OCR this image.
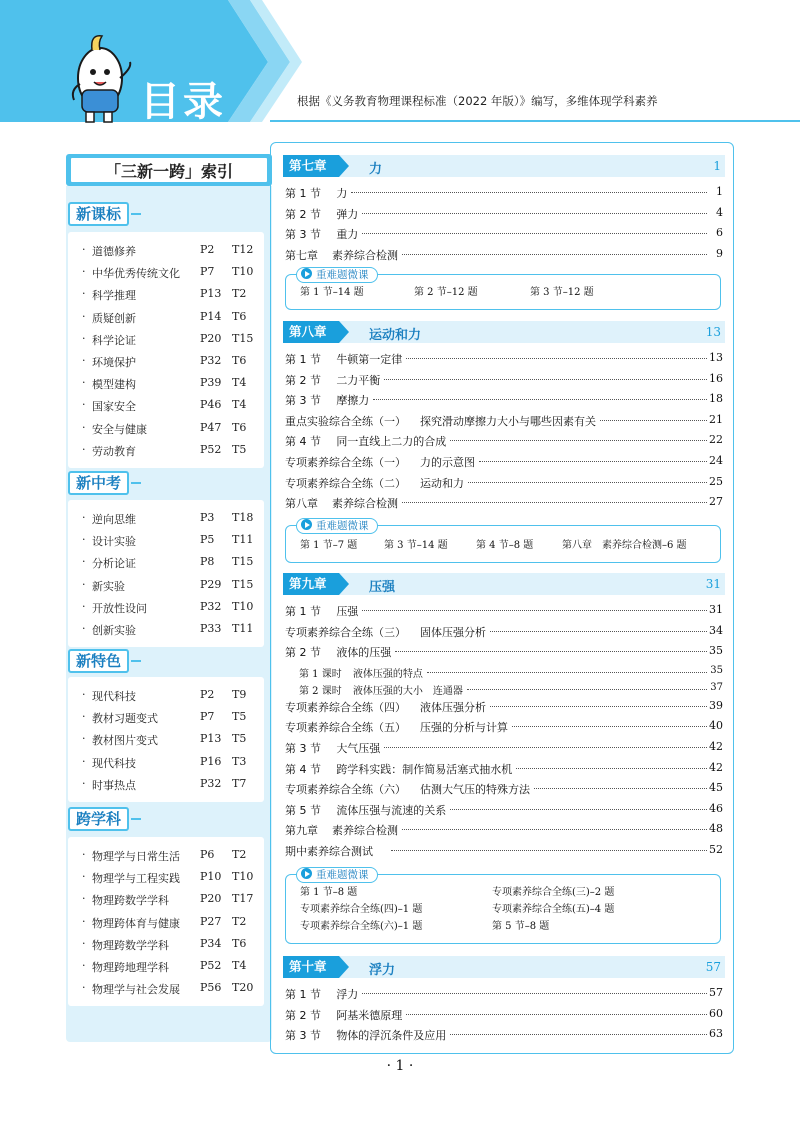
目录	根据《义务教育物理课程标准（2022 年版）》编写，多维体现学科素养
「三新一跨」索引
新课标
· 道德修养	P2 T12
· 中华优秀传统文化 P7 T10
· 科学推理	P13 T2
· 质疑创新	P14 T6
· 科学论证	P20 T15
· 环境保护	P32 T6
· 模型建构	P39 T4
· 国家安全	P46 T4
· 安全与健康	P47 T6
· 劳动教育	P52 T5
新中考
· 逆向思维	P3 T18
· 设计实验	P5 T11
· 分析论证	P8 T15
· 新实验	P29 T15
· 开放性设问	P32 T10
· 创新实验	P33 T11
新特色
· 现代科技	P2 T9
· 教材习题变式	P7 T5
· 教材图片变式	P13 T5
· 现代科技	P16 T3
· 时事热点	P32 T7
跨学科
· 物理学与日常生活 P6 T2
· 物理学与工程实践 P10 T10
· 物理跨数学学科	P20 T17
· 物理跨体育与健康 P27 T2
· 物理跨数学学科	P34 T6
· 物理跨地理学科	P52 T4
· 物理学与社会发展 P56 T20
第七章	力	1
第 1 节 力	1
第 2 节 弹力	4
第 3 节 重力	6
第七章 素养综合检测	9
重难题微课
第 1 节–14 题	第 2 节–12 题	第 3 节–12 题
第八章	运动和力	13
第 1 节 牛顿第一定律	13
第 2 节 二力平衡	16
第 3 节 摩擦力	18
重点实验综合全练（一） 探究滑动摩擦力大小与哪些因素有关	21
第 4 节 同一直线上二力的合成	22
专项素养综合全练（一） 力的示意图	24
专项素养综合全练（二） 运动和力	25
第八章 素养综合检测	27
重难题微课
第 1 节–7 题	第 3 节–14 题	第 4 节–8 题	第八章　素养综合检测–6 题
第九章	压强	31
第 1 节 压强	31
专项素养综合全练（三） 固体压强分析	34
第 2 节 液体的压强	35
第 1 课时 液体压强的特点	35
第 2 课时 液体压强的大小　连通器	37
专项素养综合全练（四） 液体压强分析	39
专项素养综合全练（五） 压强的分析与计算	40
第 3 节 大气压强	42
第 4 节 跨学科实践：制作简易活塞式抽水机	42
专项素养综合全练（六） 估测大气压的特殊方法	45
第 5 节 流体压强与流速的关系	46
第九章 素养综合检测	48
期中素养综合测试	52
重难题微课
第 1 节–8 题	专项素养综合全练(三)–2 题
专项素养综合全练(四)–1 题	专项素养综合全练(五)–4 题
专项素养综合全练(六)–1 题	第 5 节–8 题
第十章	浮力	57
第 1 节 浮力	57
第 2 节 阿基米德原理	60
第 3 节 物体的浮沉条件及应用	63
· 1 ·
